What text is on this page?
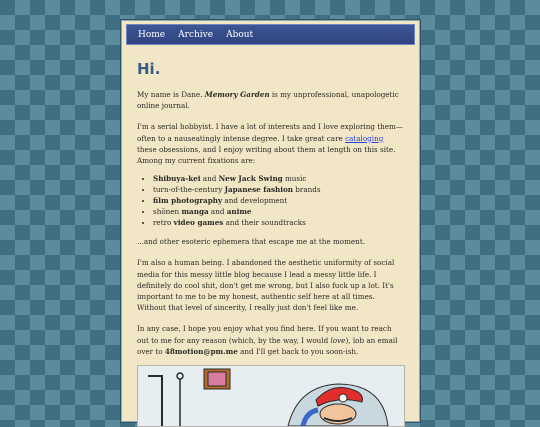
Home Archive About
Hi.

My name is Dane. Memory Garden is my unprofessional, unapologetic online journal.

I'm a serial hobbyist. I have a lot of interests and I love exploring them—often to a nauseatingly intense degree. I take great care cataloging these obsessions, and I enjoy writing about them at length on this site. Among my current fixations are:

• Shibuya-kei and New Jack Swing music
• turn-of-the-century Japanese fashion brands
• film photography and development
• shōnen manga and anime
• retro video games and their soundtracks

...and other esoteric ephemera that escape me at the moment.

I'm also a human being. I abandoned the aesthetic uniformity of social media for this messy little blog because I lead a messy little life. I definitely do cool shit, don't get me wrong, but I also fuck up a lot. It's important to me to be my honest, authentic self here at all times. Without that level of sincerity, I really just don't feel like me.

In any case, I hope you enjoy what you find here. If you want to reach out to me for any reason (which, by the way, I would love), lob an email over to 48motion@pm.me and I'll get back to you soon-ish.
